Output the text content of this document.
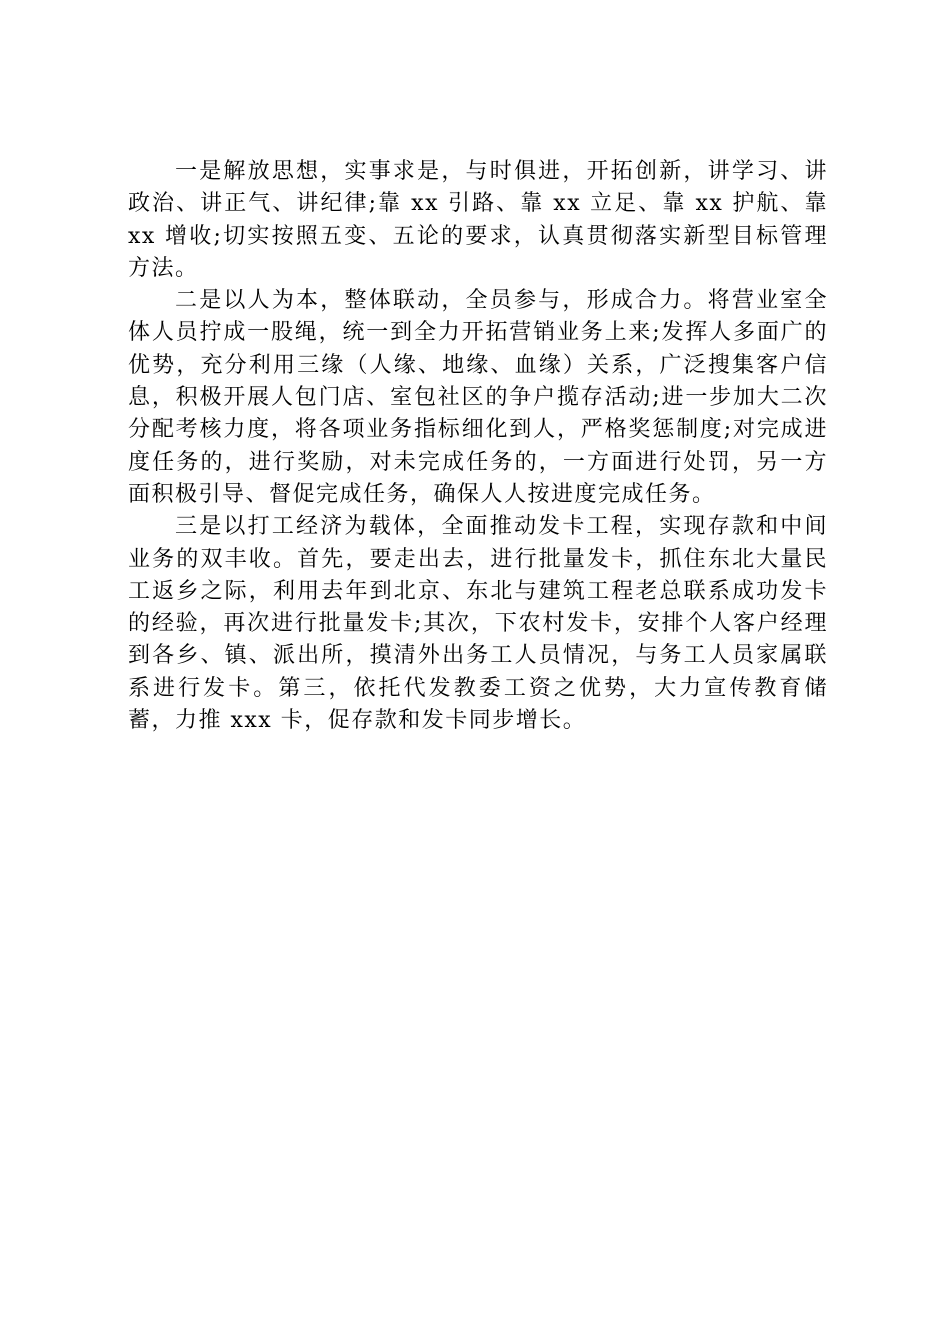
一是解放思想，实事求是，与时俱进，开拓创新，讲学习、讲政治、讲正气、讲纪律;靠 xx 引路、靠 xx 立足、靠 xx 护航、靠 xx 增收;切实按照五变、五论的要求，认真贯彻落实新型目标管理方法。

二是以人为本，整体联动，全员参与，形成合力。将营业室全体人员拧成一股绳，统一到全力开拓营销业务上来;发挥人多面广的优势，充分利用三缘（人缘、地缘、血缘）关系，广泛搜集客户信息，积极开展人包门店、室包社区的争户揽存活动;进一步加大二次分配考核力度，将各项业务指标细化到人，严格奖惩制度;对完成进度任务的，进行奖励，对未完成任务的，一方面进行处罚，另一方面积极引导、督促完成任务，确保人人按进度完成任务。

三是以打工经济为载体，全面推动发卡工程，实现存款和中间业务的双丰收。首先，要走出去，进行批量发卡，抓住东北大量民工返乡之际，利用去年到北京、东北与建筑工程老总联系成功发卡的经验，再次进行批量发卡;其次，下农村发卡，安排个人客户经理到各乡、镇、派出所，摸清外出务工人员情况，与务工人员家属联系进行发卡。第三，依托代发教委工资之优势，大力宣传教育储蓄，力推 xxx 卡，促存款和发卡同步增长。
